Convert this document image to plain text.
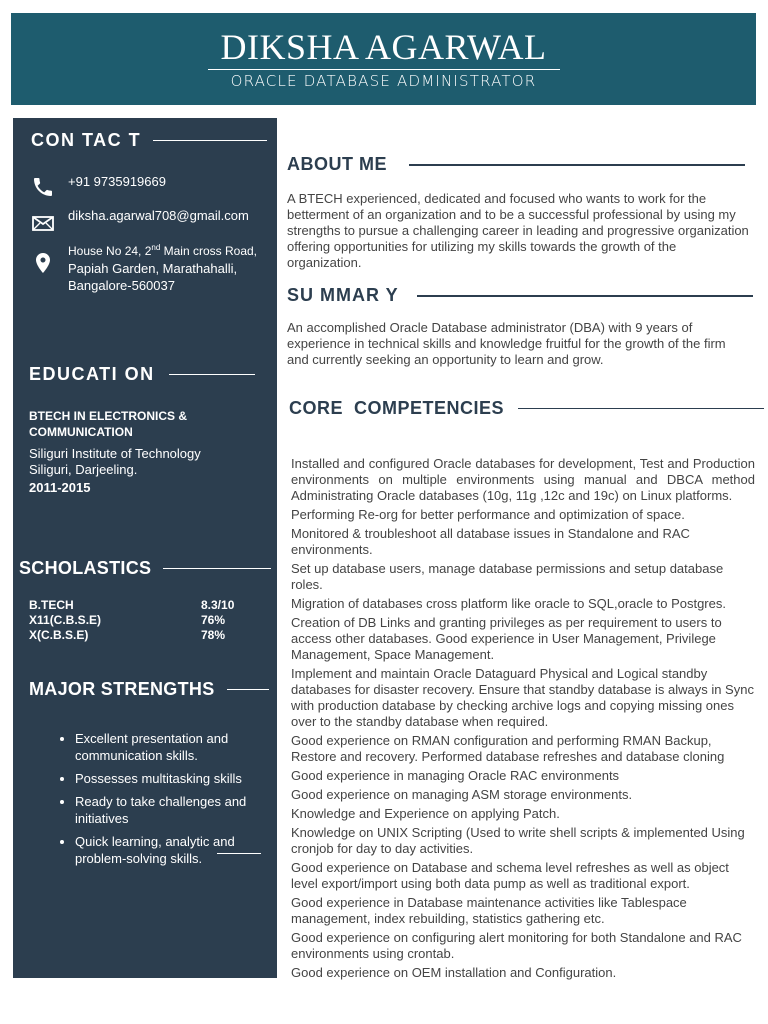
DIKSHA AGARWAL
ORACLE DATABASE ADMINISTRATOR
CON TAC T
+91 9735919669
diksha.agarwal708@gmail.com
House No 24, 2nd Main cross Road,
Papiah Garden, Marathahalli,
Bangalore-560037
EDUCATI ON
BTECH IN ELECTRONICS & COMMUNICATION
Siliguri Institute of Technology
Siliguri, Darjeeling.
2011-2015
SCHOLASTICS
B.TECH	8.3/10
X11(C.B.S.E)	76%
X(C.B.S.E)	78%
MAJOR STRENGTHS
• Excellent presentation and communication skills.
• Possesses multitasking skills
• Ready to take challenges and initiatives
• Quick learning, analytic and problem-solving skills.
ABOUT ME
A BTECH experienced, dedicated and focused who wants to work for the betterment of an organization and to be a successful professional by using my strengths to pursue a challenging career in leading and progressive organization offering opportunities for utilizing my skills towards the growth of the organization.
SU MMAR Y
An accomplished Oracle Database administrator (DBA) with 9 years of experience in technical skills and knowledge fruitful for the growth of the firm and currently seeking an opportunity to learn and grow.
CORE  COMPETENCIES
Installed and configured Oracle databases for development, Test and Production environments on multiple environments using manual and DBCA method Administrating Oracle databases (10g, 11g ,12c and 19c) on Linux platforms.
Performing Re-org for better performance and optimization of space.
Monitored & troubleshoot all database issues in Standalone and RAC environments.
Set up database users, manage database permissions and setup database roles.
Migration of databases cross platform like oracle to SQL,oracle to Postgres.
Creation of DB Links and granting privileges as per requirement to users to access other databases. Good experience in User Management, Privilege Management, Space Management.
Implement and maintain Oracle Dataguard Physical and Logical standby databases for disaster recovery. Ensure that standby database is always in Sync with production database by checking archive logs and copying missing ones over to the standby database when required.
Good experience on RMAN configuration and performing RMAN Backup, Restore and recovery. Performed database refreshes and database cloning
Good experience in managing Oracle RAC environments
Good experience on managing ASM storage environments.
Knowledge and Experience on applying Patch.
Knowledge on UNIX Scripting (Used to write shell scripts & implemented Using cronjob for day to day activities.
Good experience on Database and schema level refreshes as well as object level export/import using both data pump as well as traditional export.
Good experience in Database maintenance activities like Tablespace management, index rebuilding, statistics gathering etc.
Good experience on configuring alert monitoring for both Standalone and RAC environments using crontab.
Good experience on OEM installation and Configuration.
